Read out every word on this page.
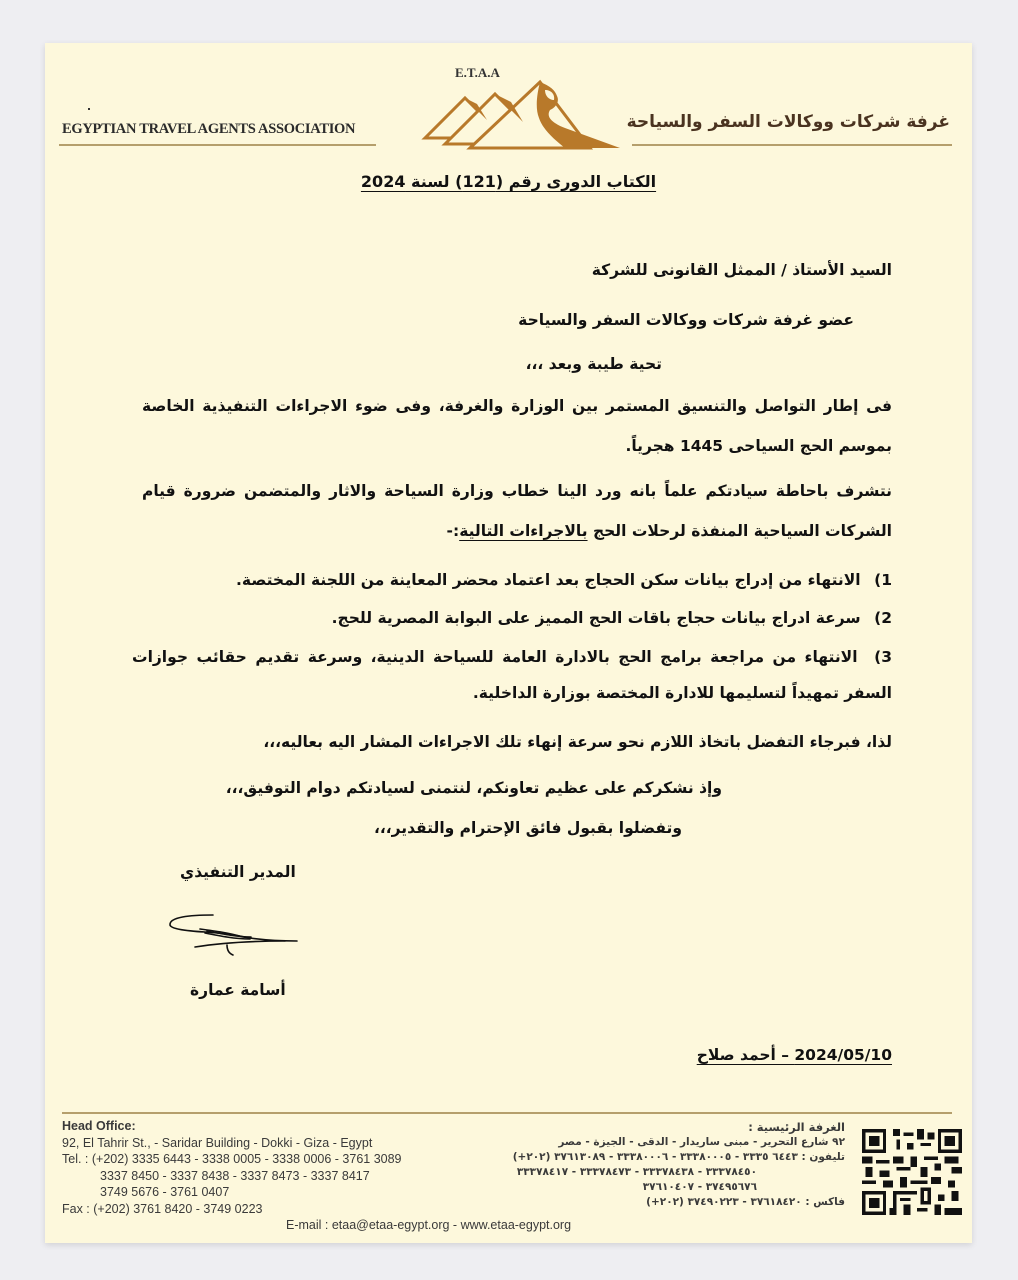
EGYPTIAN TRAVEL AGENTS ASSOCIATION
E.T.A.A
غرفة شركات ووكالات السفر والسياحة
الكتاب الدورى رقم (121) لسنة 2024
السيد الأستاذ / الممثل القانونى للشركة
عضو غرفة شركات ووكالات السفر والسياحة
تحية طيبة وبعد ،،،
فى إطار التواصل والتنسيق المستمر بين الوزارة والغرفة، وفى ضوء الاجراءات التنفيذية الخاصة بموسم الحج السياحى 1445 هجرياً.
نتشرف باحاطة سيادتكم علماً بانه ورد الينا خطاب وزارة السياحة والاثار والمتضمن ضرورة قيام الشركات السياحية المنفذة لرحلات الحج بالاجراءات التالية:-
1) الانتهاء من إدراج بيانات سكن الحجاج بعد اعتماد محضر المعاينة من اللجنة المختصة.
2) سرعة ادراج بيانات حجاج باقات الحج المميز على البوابة المصرية للحج.
3) الانتهاء من مراجعة برامج الحج بالادارة العامة للسياحة الدينية، وسرعة تقديم حقائب جوازات السفر تمهيداً لتسليمها للادارة المختصة بوزارة الداخلية.
لذا، فبرجاء التفضل باتخاذ اللازم نحو سرعة إنهاء تلك الاجراءات المشار اليه بعاليه،،،
وإذ نشكركم على عظيم تعاونكم، لنتمنى لسيادتكم دوام التوفيق،،،
وتفضلوا بقبول فائق الإحترام والتقدير،،،
المدير التنفيذي
أسامة عمارة
2024/05/10 – أحمد صلاح
Head Office:
92, El Tahrir St., - Saridar Building - Dokki - Giza - Egypt
Tel. : (+202) 3335 6443 - 3338 0005 - 3338 0006 - 3761 3089
3337 8450 - 3337 8438 - 3337 8473 - 3337 8417
3749 5676 - 3761 0407
Fax : (+202) 3761 8420 - 3749 0223
الغرفة الرئيسية :
٩٢ شارع التحرير - مبنى ساريدار - الدقى - الجيزة - مصر
تليفون : ٦٤٤٣ ٣٣٣٥ - ٣٣٣٨٠٠٠٥ - ٣٣٣٨٠٠٠٦ - ٣٧٦١٣٠٨٩ (٢٠٢+)
٣٣٣٧٨٤٥٠ - ٣٣٣٧٨٤٣٨ - ٣٣٣٧٨٤٧٣ - ٣٣٣٧٨٤١٧
٣٧٤٩٥٦٧٦ - ٣٧٦١٠٤٠٧
فاكس : ٣٧٦١٨٤٢٠ - ٣٧٤٩٠٢٢٣ (٢٠٢+)
E-mail : etaa@etaa-egypt.org - www.etaa-egypt.org
